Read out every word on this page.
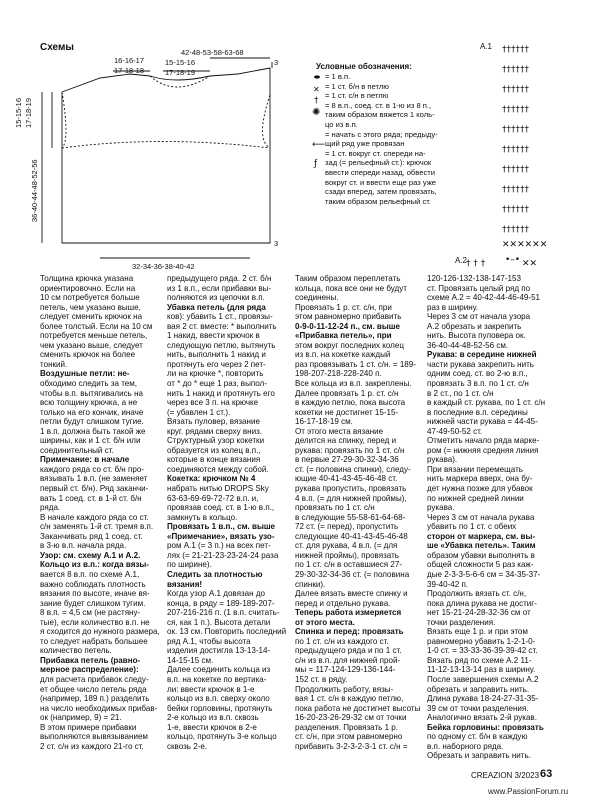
✕
†
✺
⟵
ƒ
††††††
††††††
††††††
††††††
††††††
††††††
††††††
††††††
††††††
††††††
✕✕✕✕✕✕
† † † •–• ✕✕
Схемы	42-48-53-58-63-68
16-16-17
17-18-18
15-15-16
17-18-19
3
3
15-15-16 17-18-19
36-40-44-48-52-56
32-34-36-38-40-42
Условные обозначения:
= 1 в.п.
= 1 ст. б/н в петлю
= 1 ст. с/н в петлю
= 8 в.п., соед. ст. в 1-ю из 8 п.,
таким образом вяжется 1 коль-
цо из в.п.
= начать с этого ряда; предыду-
щий ряд уже провязан
= 1 ст. вокруг ст. спереди на-
зад (= рельефный ст.): крючок
ввести спереди назад, обвести
вокруг ст. и ввести еще раз уже
сзади вперед, затем провязать,
таким образом рельефный ст.
A.1
A.2

Толщина крючка указана

ориентировочно. Если на

10 см потребуется больше

петель, чем указано выше,

следует сменить крючок на

более толстый. Если на 10 см

потребуется меньше петель,

чем указано выше, следует

сменить крючок на более

тонкий.

Воздушные петли: не-

обходимо следить за тем,

чтобы в.п. вытягивались на

всю толщину крючка, а не

только на его кончик, иначе

петли будут слишком тугие.

1 в.п. должна быть такой же

ширины, как и 1 ст. б/н или

соединительный ст.

Примечание: в начале

каждого ряда со ст. б/н про-

вязывать 1 в.п. (не заменяет

первый ст. б/н). Ряд заканчи-

вать 1 соед. ст. в 1-й ст. б/н

ряда.

В начале каждого ряда со ст.

с/н заменять 1-й ст. тремя в.п.

Заканчивать ряд 1 соед. ст.

в 3-ю в.п. начала ряда.

Узор: см. схему А.1 и А.2.

Кольцо из в.п.: когда вязы-

вается 8 в.п. по схеме А.1,

важно соблюдать плотность

вязания по высоте, иначе вя-

зание будет слишком тугим.

8 в.п. = 4,5 см (не растяну-

тые), если количество в.п. не

я сходится до нужного размера,

то следует набрать большее

количество петель.

Прибавка петель (равно-

мерное распределение):

для расчета прибавок следу-

ет общее число петель ряда

(например, 189 п.) разделить

на число необходимых прибав-

ок (например, 9) = 21.

В этом примере прибавки

выполняются вывязыванием

2 ст. с/н из каждого 21-го ст.

предыдущего ряда. 2 ст. б/н

из 1 в.п., если прибавки вы-

полняются из цепочки в.п.

Убавка петель (для ряда

ков): убавить 1 ст., провязы-

вая 2 ст. вместе: * выполнить

1 накид, ввести крючок в

следующую петлю, вытянуть

нить, выполнить 1 накид и

протянуть его через 2 пет-

ли на крючке *, повторить

от * до * еще 1 раз, выпол-

нить 1 накид и протянуть его

через все 3 п. на крючке

(= убавлен 1 ст.).

Вязать пуловер, вязание

круг. рядами сверху вниз.

Структурный узор кокетки

образуется из колец в.п.,

которые в конце вязания

соединяются между собой.

Кокетка: крючком № 4

набрать нитью DROPS Sky

63-63-69-69-72-72 в.п. и,

провязав соед. ст. в 1-ю в.п.,

замкнуть в кольцо.

Провязать 1 в.п., см. выше

«Примечание», вязать узо-

ром А.1 (= 3 п.) на всех пет-

лях (= 21-21-23-23-24-24 раза

по ширине).

Следить за плотностью

вязания!

Когда узор А.1 довязан до

конца, в ряду = 189-189-207-

207-216-216 п. (1 в.п. считать-

ся, как 1 п.). Высота детали

ок. 13 см. Повторить последний

ряд А.1, чтобы высота

изделия достигла 13-13-14-

14-15-15 см.

Далее соединить кольца из

в.п. на кокетке по вертика-

ли: ввести крючок в 1-е

кольцо из в.п. сверху около

бейки горловины, протянуть

2-е кольцо из в.п. сквозь

1-е, ввести крючок в 2-е

кольцо, протянуть 3-е кольцо

сквозь 2-е.

Таким образом переплетать

кольца, пока все они не будут

соединены.

Провязать 1 р. ст. с/н, при

этом равномерно прибавить

0-9-0-11-12-24 п., см. выше

«Прибавка петель», при

этом вокруг последних колец

из в.п. на кокетке каждый

раз провязывать 1 ст. с/н. = 189-198-207-218-228-240 п.

Все кольца из в.п. закреплены.

Далее провязать 1 р. ст. с/н

в каждую петлю, пока высота

кокетки не достигнет 15-15-

16-17-18-19 см.

От этого места вязание

делится на спинку, перед и

рукава: провязать по 1 ст. с/н

в первые 27-29-30-32-34-36

ст. (= половина спинки), следу-

ющие 40-41-43-45-46-48 ст.

рукава пропустить, провязать

4 в.п. (= для нижней проймы),

провязать по 1 ст. с/н

в следующие 55-58-61-64-68-

72 ст. (= перед), пропустить

следующие 40-41-43-45-46-48

ст. для рукава, 4 в.п. (= для

нижней проймы), провязать

по 1 ст. с/н в оставшиеся 27-

29-30-32-34-36 ст. (= половина

спинки).

Далее вязать вместе спинку и

перед и отдельно рукава.

Теперь работа измеряется

от этого места.

Спинка и перед: провязать

по 1 ст. с/н из каждого ст.

предыдущего ряда и по 1 ст.

с/н из в.п. для нижней прой-

мы = 117-124-129-136-144-

152 ст. в ряду.

Продолжить работу, вязы-

вая 1 ст. с/н в каждую петлю,

пока работа не достигнет высоты

16-20-23-26-29-32 см от точки

разделения. Провязать 1 р.

ст. с/н, при этом равномерно

прибавить 3-2-3-2-3-1 ст. с/н =

120-126-132-138-147-153

ст. Провязать целый ряд по

схеме А.2 = 40-42-44-46-49-51

раз в ширину.

Через 3 см от начала узора

А.2 обрезать и закрепить

нить. Высота пуловера ок.

36-40-44-48-52-56 см.

Рукава: в середине нижней

части рукава закрепить нить

одним соед. ст. во 2-ю в.п.,

провязать 3 в.п. по 1 ст. с/н

в 2 ст., по 1 ст. с/н

в каждый ст. рукава, по 1 ст. с/н

в последние в.п. середины

нижней части рукава = 44-45-

47-49-50-52 ст.

Отметить начало ряда марке-

ром (= нижняя средняя линия

рукава).

При вязании перемещать

нить маркера вверх, она бу-

дет нужна позже для убавок

по нижней средней линии

рукава.

Через 3 см от начала рукава

убавить по 1 ст. с обеих

сторон от маркера, см. вы-

ше «Убавка петель». Таким

образом убавки выполнять в

общей сложности 5 раз каж-

дые 2-3-3-5-6-6 см = 34-35-37-

39-40-42 п.

Продолжить вязать ст. с/н,

пока длина рукава не достиг-

нет 15-21-24-28-32-36 см от

точки разделения.

Вязать еще 1 р. и при этом

равномерно убавить 1-2-1-0-

1-0 ст. = 33-33-36-39-39-42 ст.

Вязать ряд по схеме А.2 11-

11-12-13-13-14 раз в ширину.

После завершения схемы А.2

обрезать и заправить нить.

Длина рукава 18-24-27-31-35-

39 см от точки разделения.

Аналогично вязать 2-й рукав.

Бейка горловины: провязать

по одному ст. б/н в каждую

в.п. наборного ряда.

Обрезать и заправить нить.

CREAZION 3/2023 63
www.PassionForum.ru
